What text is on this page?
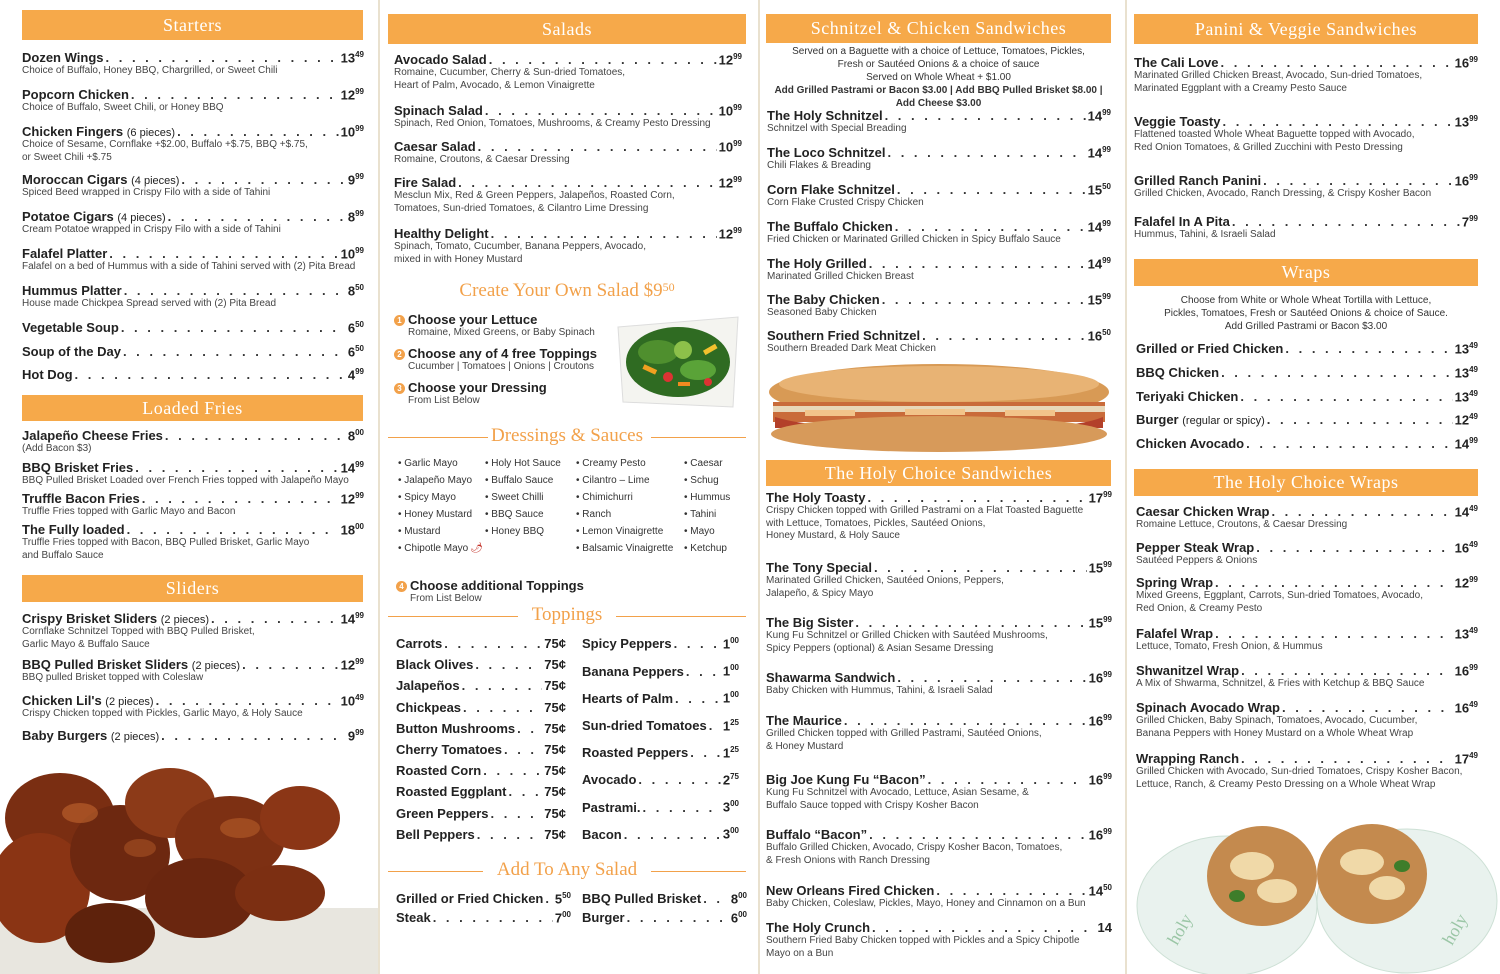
Starters
Dozen Wings . . .	$13^{49}$
Choice of Buffalo, Honey BBQ, Chargrilled, or Sweet Chili
Popcorn Chicken . . .	$12^{99}$
Choice of Buffalo, Sweet Chili, or Honey BBQ
Chicken Fingers (6 pieces) . . .	$10^{99}$
Choice of Sesame, Cornflake +$2.00, Buffalo +$.75, BBQ +$.75,
or Sweet Chili +$.75
Moroccan Cigars (4 pieces) . . .	$9^{99}$
Spiced Beed wrapped in Crispy Filo with a side of Tahini
Potatoe Cigars (4 pieces) . . .	$8^{99}$
Cream Potatoe wrapped in Crispy Filo with a side of Tahini
Falafel Platter . . .	$10^{99}$
Falafel on a bed of Hummus with a side of Tahini served with (2) Pita Bread
Hummus Platter . . .	$8^{50}$
House made Chickpea Spread served with (2) Pita Bread
Vegetable Soup . . .	$6^{50}$
Soup of the Day . . .	$6^{50}$
Hot Dog . . .	$4^{99}$
Loaded Fries
Jalapeño Cheese Fries . . .	$8^{00}$
(Add Bacon $3)
BBQ Brisket Fries . . .	$14^{99}$
BBQ Pulled Brisket Loaded over French Fries topped with Jalapeño Mayo
Truffle Bacon Fries . . .	$12^{99}$
Truffle Fries topped with Garlic Mayo and Bacon
The Fully loaded . . .	$18^{00}$
Truffle Fries topped with Bacon, BBQ Pulled Brisket, Garlic Mayo
and Buffalo Sauce
Sliders
Crispy Brisket Sliders (2 pieces) . . .	$14^{99}$
Cornflake Schnitzel Topped with BBQ Pulled Brisket,
Garlic Mayo & Buffalo Sauce
BBQ Pulled Brisket Sliders (2 pieces) . . .	$12^{99}$
BBQ pulled Brisket topped with Coleslaw
Chicken Lil's (2 pieces) . . .	$10^{49}$
Crispy Chicken topped with Pickles, Garlic Mayo, & Holy Sauce
Baby Burgers (2 pieces) . . .	$9^{99}$
Salads
Avocado Salad . . .	$12^{99}$
Romaine, Cucumber, Cherry & Sun-dried Tomatoes,
Heart of Palm, Avocado, & Lemon Vinaigrette
Spinach Salad . . .	$10^{99}$
Spinach, Red Onion, Tomatoes, Mushrooms, & Creamy Pesto Dressing
Caesar Salad . . .	$10^{99}$
Romaine, Croutons, & Caesar Dressing
Fire Salad . . .	$12^{99}$
Mesclun Mix, Red & Green Peppers, Jalapeños, Roasted Corn,
Tomatoes, Sun-dried Tomatoes, & Cilantro Lime Dressing
Healthy Delight . . .	$12^{99}$
Spinach, Tomato, Cucumber, Banana Peppers, Avocado,
mixed in with Honey Mustard
Create Your Own Salad $\$9^{50}$
1 Choose your Lettuce
Romaine, Mixed Greens, or Baby Spinach
2 Choose any of 4 free Toppings
Cucumber | Tomatoes | Onions | Croutons
3 Choose your Dressing
From List Below
4 Choose additional Toppings
From List Below
Dressings & Sauces
• Garlic Mayo
• Jalapeño Mayo
• Spicy Mayo
• Honey Mustard
• Mustard
• Chipotle Mayo 🌶
• Holy Hot Sauce
• Buffalo Sauce
• Sweet Chilli
• BBQ Sauce
• Honey BBQ
• Creamy Pesto
• Cilantro – Lime
• Chimichurri
• Ranch
• Lemon Vinaigrette
• Balsamic Vinaigrette
• Caesar
• Schug
• Hummus
• Tahini
• Mayo
• Ketchup
Toppings
Carrots . . .	75¢
Black Olives . . .	75¢
Jalapeños . . .	75¢
Chickpeas . . .	75¢
Button Mushrooms . . . 75¢
Cherry Tomatoes . . .	75¢
Roasted Corn . . .	75¢
Roasted Eggplant . . .	75¢
Green Peppers . . .	75¢
Bell Peppers . . .	75¢
Spicy Peppers . . .	$1^{00}$
Banana Peppers . . .	$1^{00}$
Hearts of Palm . . .	$1^{00}$
Sun-dried Tomatoes . . . $1^{25}$
Roasted Peppers . . .	$1^{25}$
Avocado . . .	$2^{75}$
Pastrami. . . .	$3^{00}$
Bacon . . .	$3^{00}$
Add To Any Salad
Grilled or Fried Chicken . . . $5^{50}$ BBQ Pulled Brisket . . . $8^{00}$
Steak . . .	$7^{00}$ Burger . . .	$6^{00}$
Schnitzel & Chicken Sandwiches
Served on a Baguette with a choice of Lettuce, Tomatoes, Pickles,
Fresh or Sautéed Onions & a choice of sauce
Served on Whole Wheat + $1.00
Add Grilled Pastrami or Bacon $3.00 | Add BBQ Pulled Brisket $8.00 |
Add Cheese $3.00
The Holy Schnitzel . . .	$14^{99}$
Schnitzel with Special Breading
The Loco Schnitzel . . .	$14^{99}$
Chili Flakes & Breading
Corn Flake Schnitzel . . .	$15^{50}$
Corn Flake Crusted Crispy Chicken
The Buffalo Chicken . . .	$14^{99}$
Fried Chicken or Marinated Grilled Chicken in Spicy Buffalo Sauce
The Holy Grilled . . .	$14^{99}$
Marinated Grilled Chicken Breast
The Baby Chicken . . .	$15^{99}$
Seasoned Baby Chicken
Southern Fried Schnitzel . . .	$16^{50}$
Southern Breaded Dark Meat Chicken
The Holy Choice Sandwiches
The Holy Toasty . . .	$17^{99}$
Crispy Chicken topped with Grilled Pastrami on a Flat Toasted Baguette
with Lettuce, Tomatoes, Pickles, Sautéed Onions,
Honey Mustard, & Holy Sauce
The Tony Special . . .	$15^{99}$
Marinated Grilled Chicken, Sautéed Onions, Peppers,
Jalapeño, & Spicy Mayo
The Big Sister . . .	$15^{99}$
Kung Fu Schnitzel or Grilled Chicken with Sautéed Mushrooms,
Spicy Peppers (optional) & Asian Sesame Dressing
Shawarma Sandwich . . .	$16^{99}$
Baby Chicken with Hummus, Tahini, & Israeli Salad
The Maurice . . .	$16^{99}$
Grilled Chicken topped with Grilled Pastrami, Sautéed Onions,
& Honey Mustard
Big Joe Kung Fu “Bacon” . . .	$16^{99}$
Kung Fu Schnitzel with Avocado, Lettuce, Asian Sesame, &
Buffalo Sauce topped with Crispy Kosher Bacon
Buffalo “Bacon” . . .	$16^{99}$
Buffalo Grilled Chicken, Avocado, Crispy Kosher Bacon, Tomatoes,
& Fresh Onions with Ranch Dressing
New Orleans Fired Chicken . . .	$14^{50}$
Baby Chicken, Coleslaw, Pickles, Mayo, Honey and Cinnamon on a Bun
The Holy Crunch . . .	14
Southern Fried Baby Chicken topped with Pickles and a Spicy Chipotle
Mayo on a Bun
Panini & Veggie Sandwiches
The Cali Love . . .	$16^{99}$
Marinated Grilled Chicken Breast, Avocado, Sun-dried Tomatoes,
Marinated Eggplant with a Creamy Pesto Sauce
Veggie Toasty . . .	$13^{99}$
Flattened toasted Whole Wheat Baguette topped with Avocado,
Red Onion Tomatoes, & Grilled Zucchini with Pesto Dressing
Grilled Ranch Panini . . .	$16^{99}$
Grilled Chicken, Avocado, Ranch Dressing, & Crispy Kosher Bacon
Falafel In A Pita . . .	$7^{99}$
Hummus, Tahini, & Israeli Salad
Wraps
Choose from White or Whole Wheat Tortilla with Lettuce,
Pickles, Tomatoes, Fresh or Sautéed Onions & choice of Sauce.
Add Grilled Pastrami or Bacon $3.00
Grilled or Fried Chicken . . .	$13^{49}$
BBQ Chicken . . .	$13^{49}$
Teriyaki Chicken . . .	$13^{49}$
Burger (regular or spicy) . . .	$12^{49}$
Chicken Avocado . . .	$14^{99}$
The Holy Choice Wraps
Caesar Chicken Wrap . . .	$14^{49}$
Romaine Lettuce, Croutons, & Caesar Dressing
Pepper Steak Wrap . . .	$16^{49}$
Sautéed Peppers & Onions
Spring Wrap . . .	$12^{99}$
Mixed Greens, Eggplant, Carrots, Sun-dried Tomatoes, Avocado,
Red Onion, & Creamy Pesto
Falafel Wrap . . .	$13^{49}$
Lettuce, Tomato, Fresh Onion, & Hummus
Shwanitzel Wrap . . .	$16^{99}$
A Mix of Shwarma, Schnitzel, & Fries with Ketchup & BBQ Sauce
Spinach Avocado Wrap . . .	$16^{49}$
Grilled Chicken, Baby Spinach, Tomatoes, Avocado, Cucumber,
Banana Peppers with Honey Mustard on a Whole Wheat Wrap
Wrapping Ranch . . .	$17^{49}$
Grilled Chicken with Avocado, Sun-dried Tomatoes, Crispy Kosher Bacon,
Lettuce, Ranch, & Creamy Pesto Dressing on a Whole Wheat Wrap
holy	holy
